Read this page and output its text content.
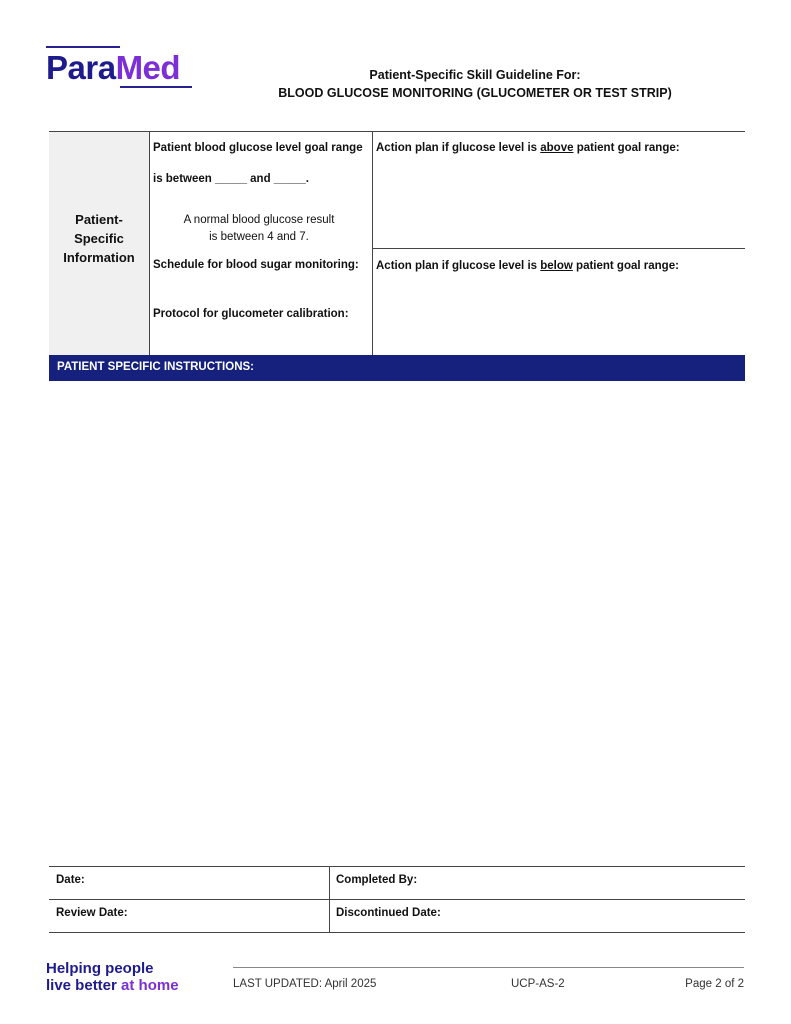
ParaMed	Patient-Specific Skill Guideline For:
BLOOD GLUCOSE MONITORING (GLUCOMETER OR TEST STRIP)
Patient-
Specific
Information
Patient blood glucose level goal range
is between _____ and _____.
A normal blood glucose result
is between 4 and 7.
Schedule for blood sugar monitoring:
Protocol for glucometer calibration:
Action plan if glucose level is above patient goal range:
Action plan if glucose level is below patient goal range:
PATIENT SPECIFIC INSTRUCTIONS:
Date:	Completed By:
Review Date:	Discontinued Date:
Helping people
live better at home	LAST UPDATED: April 2025	UCP-AS-2	Page 2 of 2
